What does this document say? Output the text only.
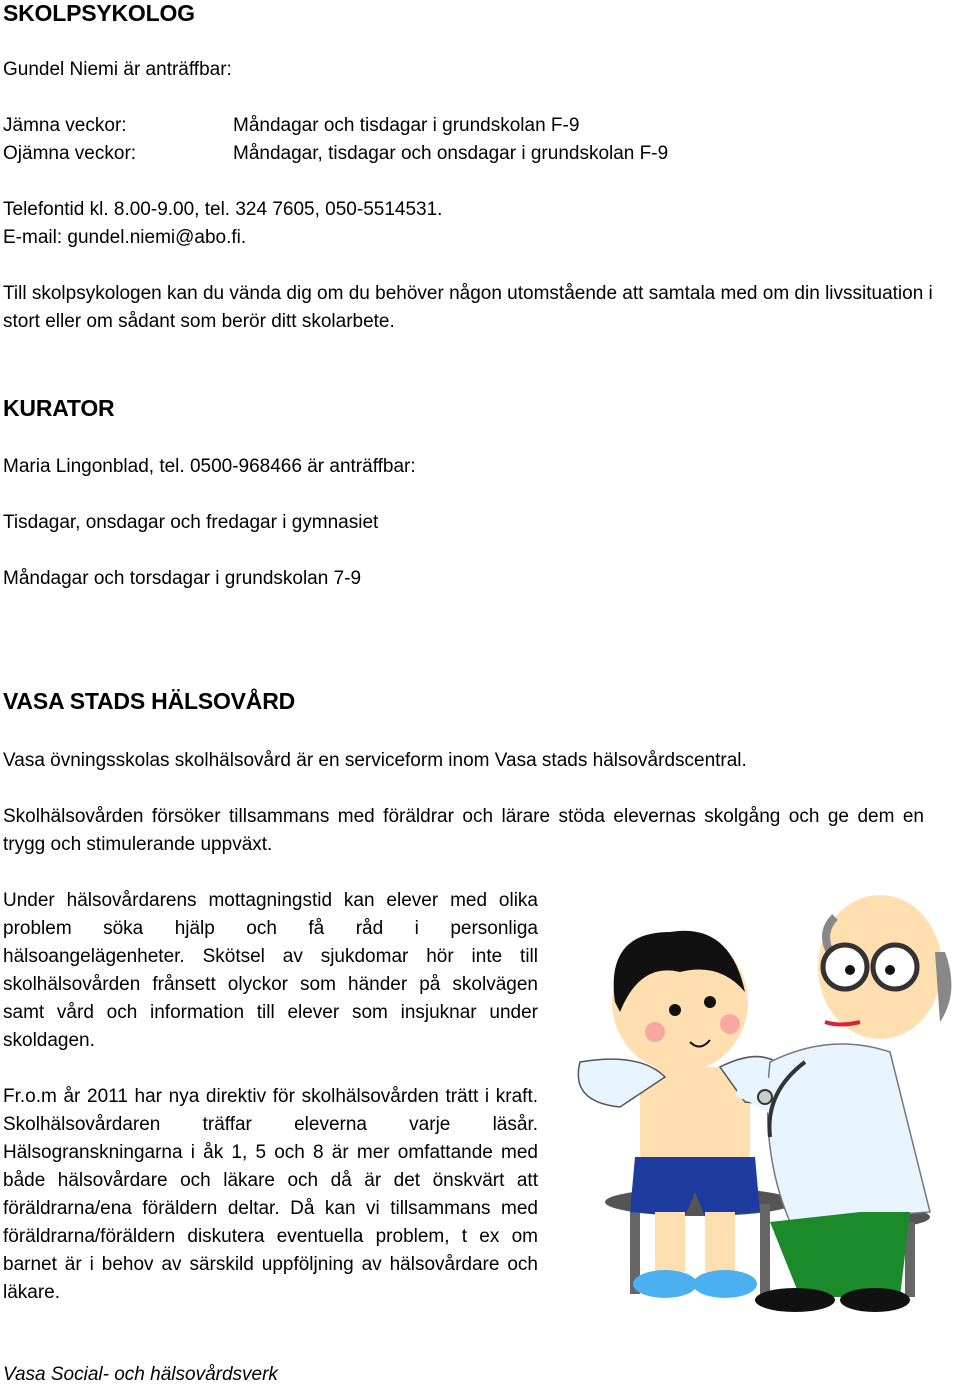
SKOLPSYKOLOG
Gundel Niemi är anträffbar:
Jämna veckor:	Måndagar och tisdagar i grundskolan F-9
Ojämna veckor:	Måndagar, tisdagar och onsdagar i grundskolan F-9
Telefontid kl. 8.00-9.00, tel. 324 7605, 050-5514531.
E-mail: gundel.niemi@abo.fi.
Till skolpsykologen kan du vända dig om du behöver någon utomstående att samtala med om din livssituation i stort eller om sådant som berör ditt skolarbete.
KURATOR
Maria Lingonblad, tel. 0500-968466 är anträffbar:
Tisdagar, onsdagar och fredagar i gymnasiet
Måndagar och torsdagar i grundskolan 7-9
VASA STADS HÄLSOVÅRD
Vasa övningsskolas skolhälsovård är en serviceform inom Vasa stads hälsovårdscentral.
Skolhälsovården försöker tillsammans med föräldrar och lärare stöda elevernas skolgång och ge dem en trygg och stimulerande uppväxt.
Under hälsovårdarens mottagningstid kan elever med olika problem söka hjälp och få råd i personliga hälsoangelägenheter. Skötsel av sjukdomar hör inte till skolhälsovården frånsett olyckor som händer på skolvägen samt vård och information till elever som insjuknar under skoldagen.
Fr.o.m år 2011 har nya direktiv för skolhälsovården trätt i kraft. Skolhälsovårdaren träffar eleverna varje läsår. Hälsogranskningarna i åk 1, 5 och 8 är mer omfattande med både hälsovårdare och läkare och då är det önskvärt att föräldrarna/ena föräldern deltar. Då kan vi tillsammans med föräldrarna/föräldern diskutera eventuella problem, t ex om barnet är i behov av särskild uppföljning av hälsovårdare och läkare.
Vasa Social- och hälsovårdsverk
